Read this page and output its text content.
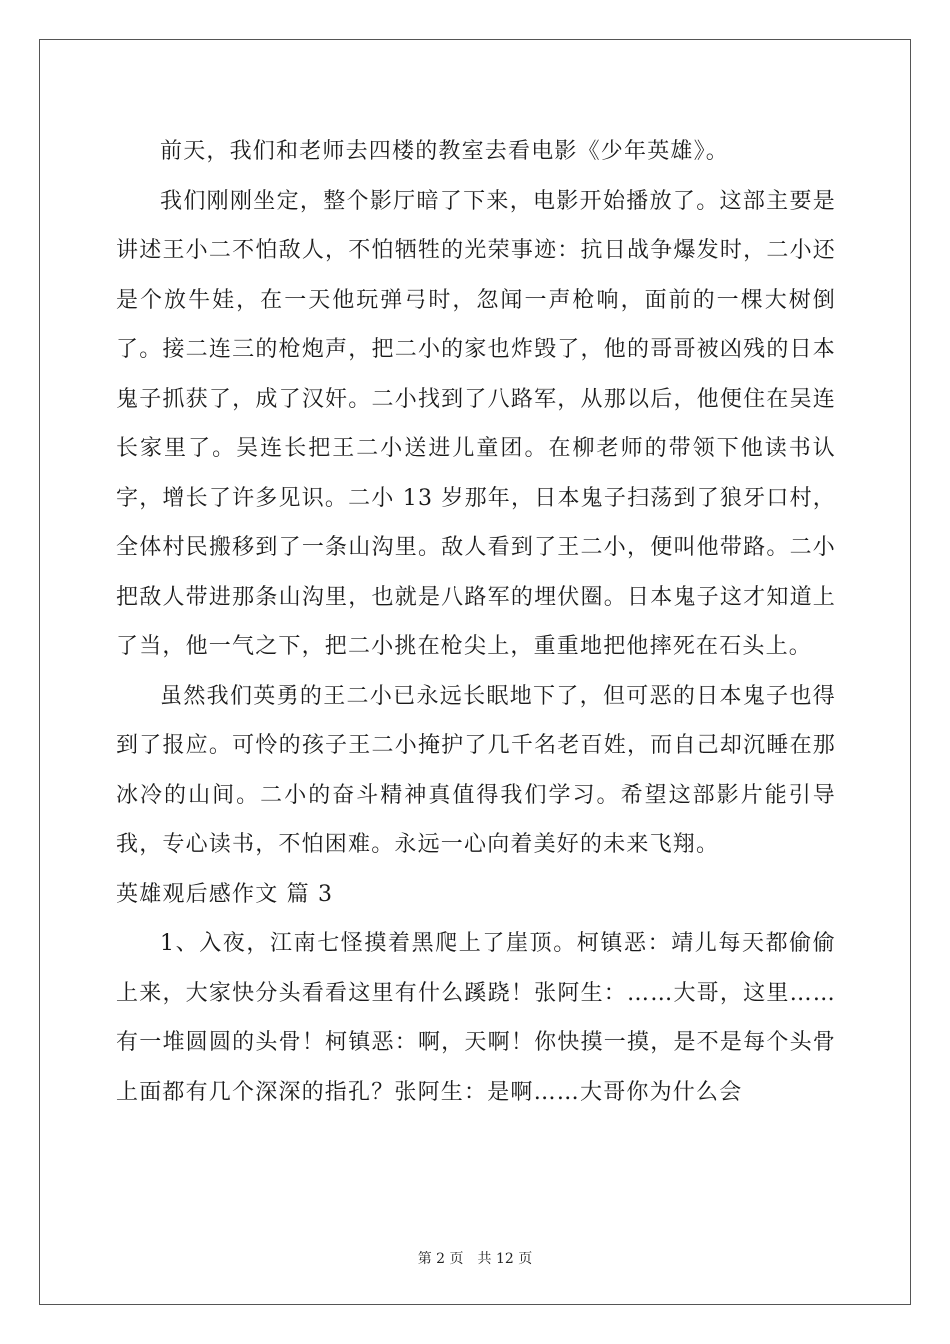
前天，我们和老师去四楼的教室去看电影《少年英雄》。

我们刚刚坐定，整个影厅暗了下来，电影开始播放了。这部主要是讲述王小二不怕敌人，不怕牺牲的光荣事迹：抗日战争爆发时，二小还是个放牛娃，在一天他玩弹弓时，忽闻一声枪响，面前的一棵大树倒了。接二连三的枪炮声，把二小的家也炸毁了，他的哥哥被凶残的日本鬼子抓获了，成了汉奸。二小找到了八路军，从那以后，他便住在吴连长家里了。吴连长把王二小送进儿童团。在柳老师的带领下他读书认字，增长了许多见识。二小 13 岁那年，日本鬼子扫荡到了狼牙口村，全体村民搬移到了一条山沟里。敌人看到了王二小，便叫他带路。二小把敌人带进那条山沟里，也就是八路军的埋伏圈。日本鬼子这才知道上了当，他一气之下，把二小挑在枪尖上，重重地把他摔死在石头上。

虽然我们英勇的王二小已永远长眠地下了，但可恶的日本鬼子也得到了报应。可怜的孩子王二小掩护了几千名老百姓，而自己却沉睡在那冰冷的山间。二小的奋斗精神真值得我们学习。希望这部影片能引导我，专心读书，不怕困难。永远一心向着美好的未来飞翔。

英雄观后感作文 篇 3

1、入夜，江南七怪摸着黑爬上了崖顶。柯镇恶：靖儿每天都偷偷上来，大家快分头看看这里有什么蹊跷！张阿生：……大哥，这里……有一堆圆圆的头骨！柯镇恶：啊，天啊！你快摸一摸，是不是每个头骨上面都有几个深深的指孔？张阿生：是啊……大哥你为什么会

第 2 页　共 12 页
